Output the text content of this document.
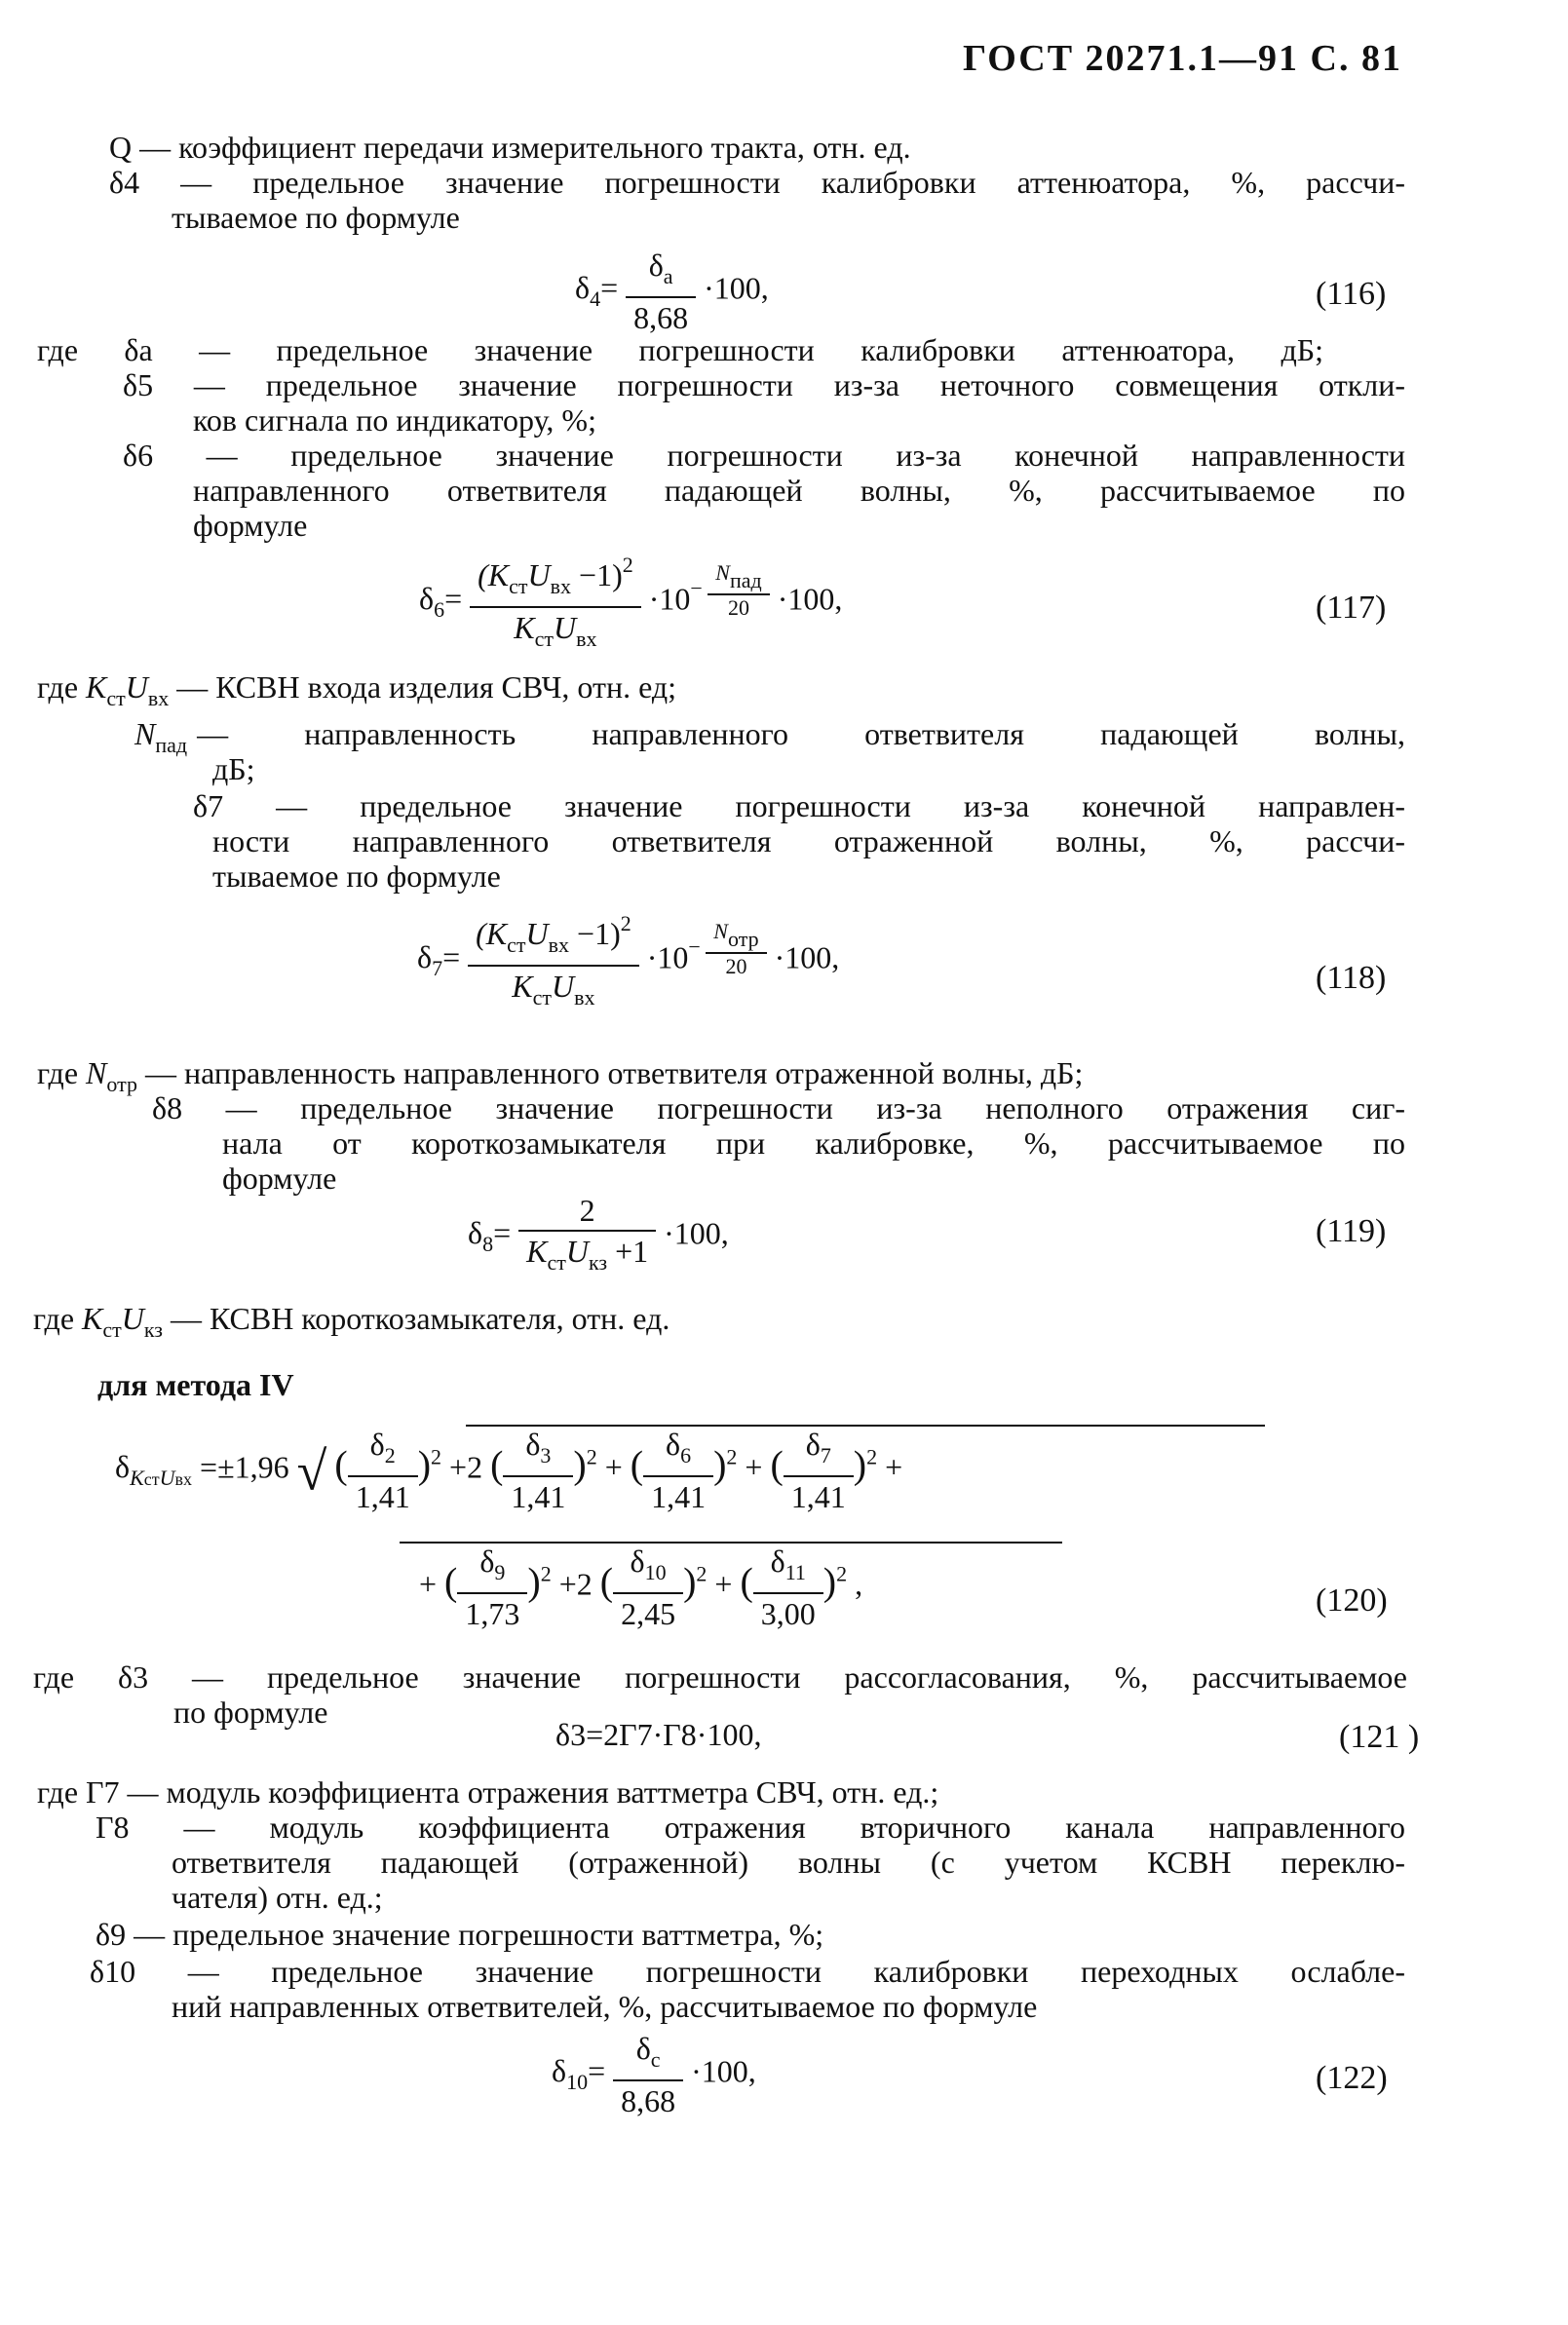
ГОСТ 20271.1—91 С. 81
Q — коэффициент передачи измерительного тракта, отн. ед.
δ4 — предельное значение погрешности калибровки аттенюатора, %, рассчи-
тываемое по формуле
$\delta_4= \frac{\delta_а}{8,68} \cdot 100$,	(116)
где δа — предельное значение погрешности калибровки аттенюатора, дБ;
δ5 — предельное значение погрешности из-за неточного совмещения откли-
ков сигнала по индикатору, %;
δ6 — предельное значение погрешности из-за конечной направленности
направленного ответвителя падающей волны, %, рассчитываемое по
формуле
$\delta_6= \frac{(K_{ст}U_{вх} -1)^2}{K_{ст}U_{вх}} \cdot 10^{- \frac{\text{Nпад}}{20}} \cdot 100$,	(117)
где $K_{ст}U_{вх}$ — КСВН входа изделия СВЧ, отн. ед;
$N_{пад}$ — направленность направленного ответвителя падающей волны,
дБ;
δ7 — предельное значение погрешности из-за конечной направлен-
ности направленного ответвителя отраженной волны, %, рассчи-
тываемое по формуле
$\delta_7= \frac{(K_{ст}U_{вх} -1)^2}{K_{ст}U_{вх}} \cdot 10^{- \frac{\text{Nотр}}{20}} \cdot 100$,
(118)
где $N_{отр}$ — направленность направленного ответвителя отраженной волны, дБ;
δ8 — предельное значение погрешности из-за неполного отражения сиг-
нала от короткозамыкателя при калибровке, %, рассчитываемое по
формуле
$\delta_8= \frac{2}{K_{ст}U_{кз} +1} \cdot 100$,	(119)
где $K_{ст}U_{кз}$ — КСВН короткозамыкателя, отн. ед.
для метода IV
$\delta_{KстUвх} =\pm 1,96$ √ ( $\frac{\delta_2}{1,41} )^2 +2$ ( $\frac{\delta_3}{1,41} )^2$ + ( $\frac{\delta_6}{1,41} )^2$ + ( $\frac{\delta_7}{1,41} )^2$ +
+ ( $\frac{\delta_9}{1,73} )^2 +2$ ( $\frac{\delta_{10}}{2,45} )^2$ + ( $\frac{\delta_{11}}{3,00} )^2$ ,	(120)
где δ3 — предельное значение погрешности рассогласования, %, рассчитываемое
по формуле
δ3=2Г7·Г8·100,	(121 )
где Г7 — модуль коэффициента отражения ваттметра СВЧ, отн. ед.;
Г8 — модуль коэффициента отражения вторичного канала направленного
ответвителя падающей (отраженной) волны (с учетом КСВН переклю-
чателя) отн. ед.;
δ9 — предельное значение погрешности ваттметра, %;
δ10 — предельное значение погрешности калибровки переходных ослабле-
ний направленных ответвителей, %, рассчитываемое по формуле
$\delta_{10}= \frac{\delta_с}{8,68} \cdot 100$,	(122)
